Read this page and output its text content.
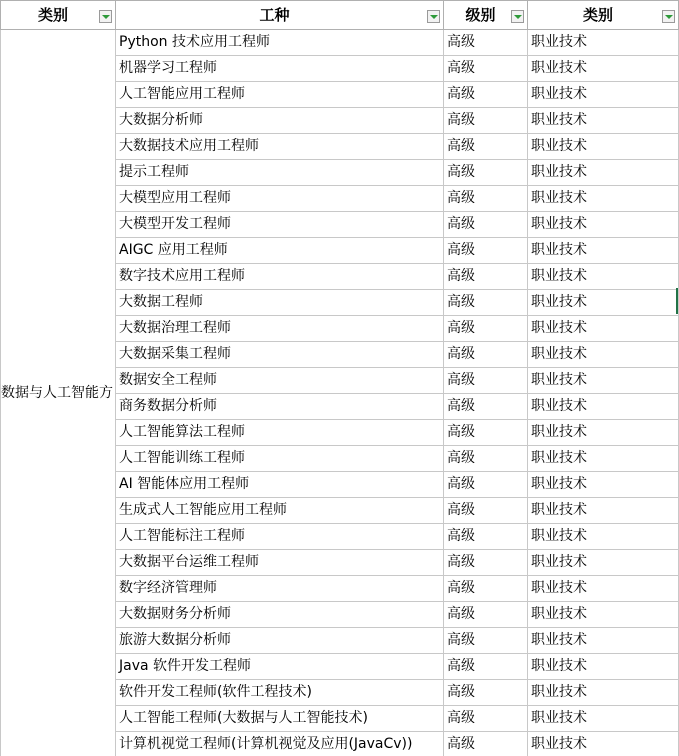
类别	工种	级别	类别

数据与人工智能方	Python 技术应用工程师	高级	职业技术
	机器学习工程师	高级	职业技术
	人工智能应用工程师	高级	职业技术
	大数据分析师	高级	职业技术
	大数据技术应用工程师	高级	职业技术
	提示工程师	高级	职业技术
	大模型应用工程师	高级	职业技术
	大模型开发工程师	高级	职业技术
	AIGC 应用工程师	高级	职业技术
	数字技术应用工程师	高级	职业技术
	大数据工程师	高级	职业技术
	大数据治理工程师	高级	职业技术
	大数据采集工程师	高级	职业技术
	数据安全工程师	高级	职业技术
	商务数据分析师	高级	职业技术
	人工智能算法工程师	高级	职业技术
	人工智能训练工程师	高级	职业技术
	AI 智能体应用工程师	高级	职业技术
	生成式人工智能应用工程师	高级	职业技术
	人工智能标注工程师	高级	职业技术
	大数据平台运维工程师	高级	职业技术
	数字经济管理师	高级	职业技术
	大数据财务分析师	高级	职业技术
	旅游大数据分析师	高级	职业技术
	Java 软件开发工程师	高级	职业技术
	软件开发工程师(软件工程技术)	高级	职业技术
	人工智能工程师(大数据与人工智能技术)	高级	职业技术
	计算机视觉工程师(计算机视觉及应用(JavaCv))	高级	职业技术
